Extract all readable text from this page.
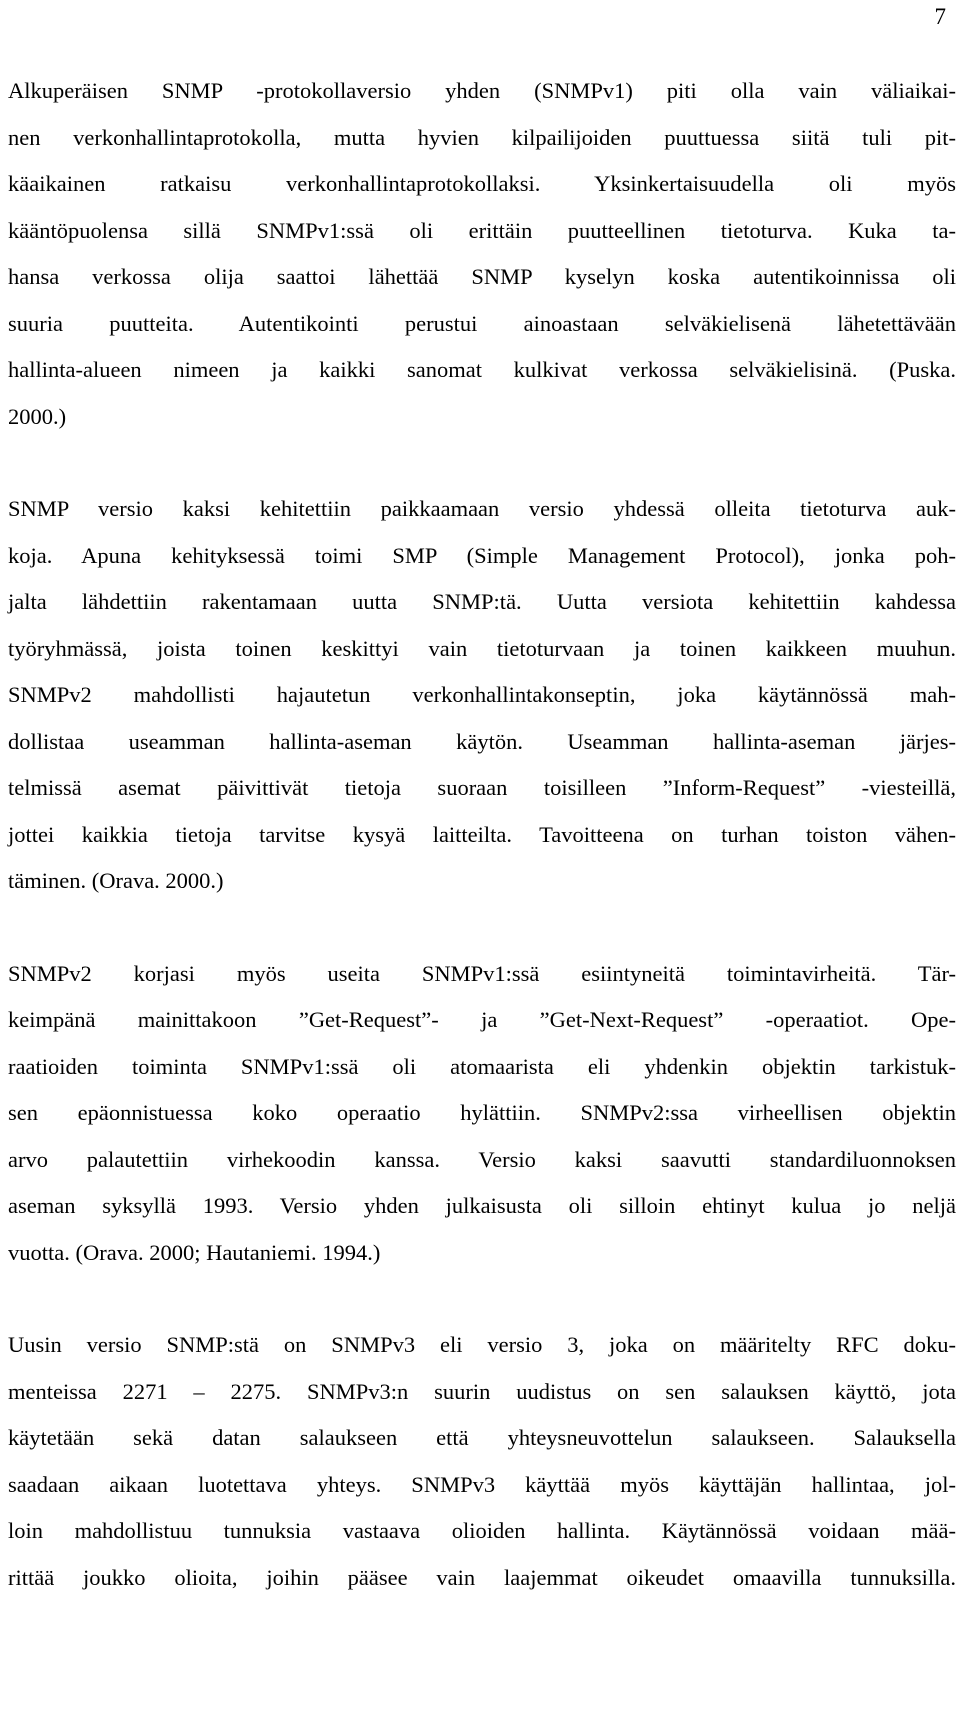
7
Alkuperäisen SNMP -protokollaversio yhden (SNMPv1) piti olla vain väliaikai-
nen verkonhallintaprotokolla, mutta hyvien kilpailijoiden puuttuessa siitä tuli pit-
käaikainen ratkaisu verkonhallintaprotokollaksi. Yksinkertaisuudella oli myös
kääntöpuolensa sillä SNMPv1:ssä oli erittäin puutteellinen tietoturva. Kuka ta-
hansa verkossa olija saattoi lähettää SNMP kyselyn koska autentikoinnissa oli
suuria puutteita. Autentikointi perustui ainoastaan selväkielisenä lähetettävään
hallinta-alueen nimeen ja kaikki sanomat kulkivat verkossa selväkielisinä. (Puska.
2000.)
SNMP versio kaksi kehitettiin paikkaamaan versio yhdessä olleita tietoturva auk-
koja. Apuna kehityksessä toimi SMP (Simple Management Protocol), jonka poh-
jalta lähdettiin rakentamaan uutta SNMP:tä. Uutta versiota kehitettiin kahdessa
työryhmässä, joista toinen keskittyi vain tietoturvaan ja toinen kaikkeen muuhun.
SNMPv2 mahdollisti hajautetun verkonhallintakonseptin, joka käytännössä mah-
dollistaa useamman hallinta-aseman käytön. Useamman hallinta-aseman järjes-
telmissä asemat päivittivät tietoja suoraan toisilleen ”Inform-Request” -viesteillä,
jottei kaikkia tietoja tarvitse kysyä laitteilta. Tavoitteena on turhan toiston vähen-
täminen. (Orava. 2000.)
SNMPv2 korjasi myös useita SNMPv1:ssä esiintyneitä toimintavirheitä. Tär-
keimpänä mainittakoon ”Get-Request”- ja ”Get-Next-Request” -operaatiot. Ope-
raatioiden toiminta SNMPv1:ssä oli atomaarista eli yhdenkin objektin tarkistuk-
sen epäonnistuessa koko operaatio hylättiin. SNMPv2:ssa virheellisen objektin
arvo palautettiin virhekoodin kanssa. Versio kaksi saavutti standardiluonnoksen
aseman syksyllä 1993. Versio yhden julkaisusta oli silloin ehtinyt kulua jo neljä
vuotta. (Orava. 2000; Hautaniemi. 1994.)
Uusin versio SNMP:stä on SNMPv3 eli versio 3, joka on määritelty RFC doku-
menteissa 2271 – 2275. SNMPv3:n suurin uudistus on sen salauksen käyttö, jota
käytetään sekä datan salaukseen että yhteysneuvottelun salaukseen. Salauksella
saadaan aikaan luotettava yhteys. SNMPv3 käyttää myös käyttäjän hallintaa, jol-
loin mahdollistuu tunnuksia vastaava olioiden hallinta. Käytännössä voidaan mää-
rittää joukko olioita, joihin pääsee vain laajemmat oikeudet omaavilla tunnuksilla.
